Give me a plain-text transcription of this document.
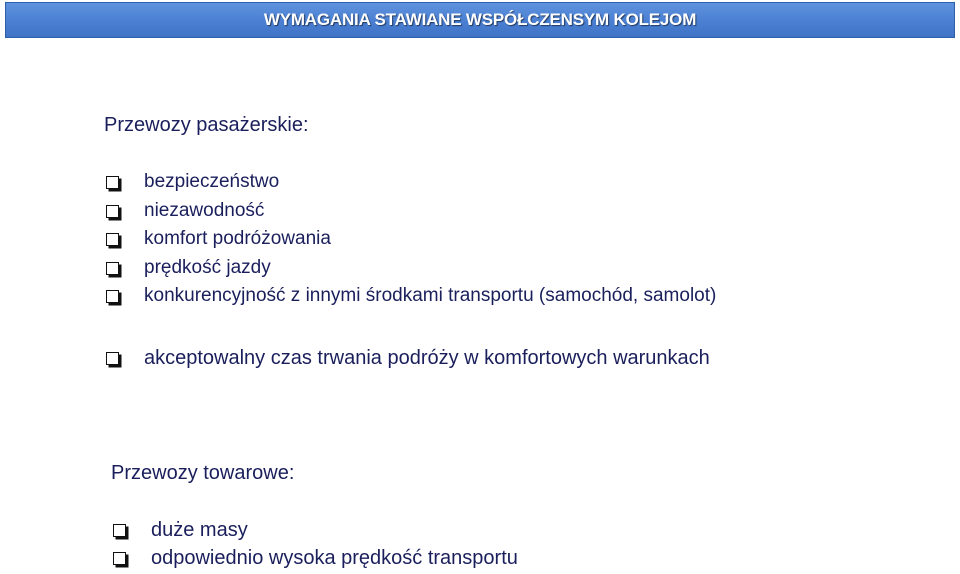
WYMAGANIA STAWIANE WSPÓŁCZENSYM KOLEJOM
Przewozy pasażerskie:
bezpieczeństwo
niezawodność
komfort podróżowania
prędkość jazdy
konkurencyjność z innymi środkami transportu (samochód, samolot)
akceptowalny czas trwania podróży w komfortowych warunkach
Przewozy towarowe:
duże masy
odpowiednio wysoka prędkość transportu
